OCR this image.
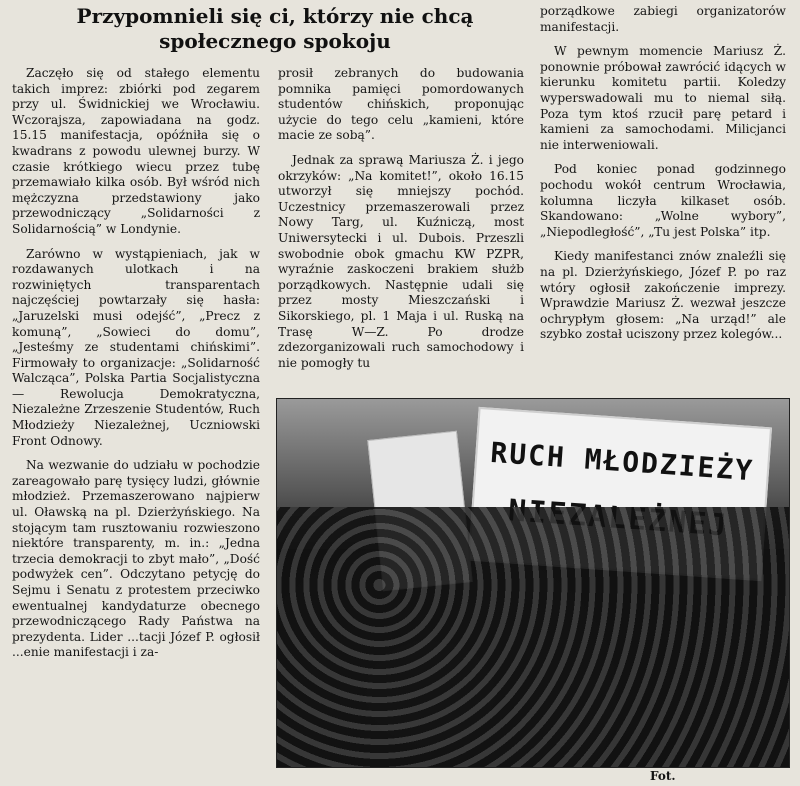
Przypomnieli się ci, którzy nie chcą
społecznego spokoju

Zaczęło się od stałego elementu takich imprez: zbiórki pod zegarem przy ul. Świdnickiej we Wrocławiu. Wczorajsza, zapowiadana na godz. 15.15 manifestacja, opóźniła się o kwadrans z powodu ulewnej burzy. W czasie krótkiego wiecu przez tubę przemawiało kilka osób. Był wśród nich mężczyzna przedstawiony jako przewodniczący „Solidarności z Solidarnością” w Londynie.

Zarówno w wystąpieniach, jak w rozdawanych ulotkach i na rozwiniętych transparentach najczęściej powtarzały się hasła: „Jaruzelski musi odejść”, „Precz z komuną”, „Sowieci do domu”, „Jesteśmy ze studentami chińskimi”. Firmowały to organizacje: „Solidarność Walcząca”, Polska Partia Socjalistyczna — Rewolucja Demokratyczna, Niezależne Zrzeszenie Studentów, Ruch Młodzieży Niezależnej, Uczniowski Front Odnowy.

Na wezwanie do udziału w pochodzie zareagowało parę tysięcy ludzi, głównie młodzież. Przemaszerowano najpierw ul. Oławską na pl. Dzierżyńskiego. Na stojącym tam rusztowaniu rozwieszono niektóre transparenty, m. in.: „Jedna trzecia demokracji to zbyt mało”, „Dość podwyżek cen”. Odczytano petycję do Sejmu i Senatu z protestem przeciwko ewentualnej kandydaturze obecnego przewodniczącego Rady Państwa na prezydenta. Lider ...tacji Józef P. ogłosił ...enie manifestacji i za-

prosił zebranych do budowania pomnika pamięci pomordowanych studentów chińskich, proponując użycie do tego celu „kamieni, które macie ze sobą”.

Jednak za sprawą Mariusza Ż. i jego okrzyków: „Na komitet!”, około 16.15 utworzył się mniejszy pochód. Uczestnicy przemaszerowali przez Nowy Targ, ul. Kuźniczą, most Uniwersytecki i ul. Dubois. Przeszli swobodnie obok gmachu KW PZPR, wyraźnie zaskoczeni brakiem służb porządkowych. Następnie udali się przez mosty Mieszczański i Sikorskiego, pl. 1 Maja i ul. Ruską na Trasę W—Z. Po drodze zdezorganizowali ruch samochodowy i nie pomogły tu

porządkowe zabiegi organizatorów manifestacji.

W pewnym momencie Mariusz Ż. ponownie próbował zawrócić idących w kierunku komitetu partii. Koledzy wyperswadowali mu to niemal siłą. Poza tym ktoś rzucił parę petard i kamieni za samochodami. Milicjanci nie interweniowali.

Pod koniec ponad godzinnego pochodu wokół centrum Wrocławia, kolumna liczyła kilkaset osób. Skandowano: „Wolne wybory”, „Niepodległość”, „Tu jest Polska” itp.

Kiedy manifestanci znów znaleźli się na pl. Dzierżyńskiego, Józef P. po raz wtóry ogłosił zakończenie imprezy. Wprawdzie Mariusz Ż. wezwał jeszcze ochrypłym głosem: „Na urząd!” ale szybko został uciszony przez kolegów...

RUCH MŁODZIEŻY
Fot.
